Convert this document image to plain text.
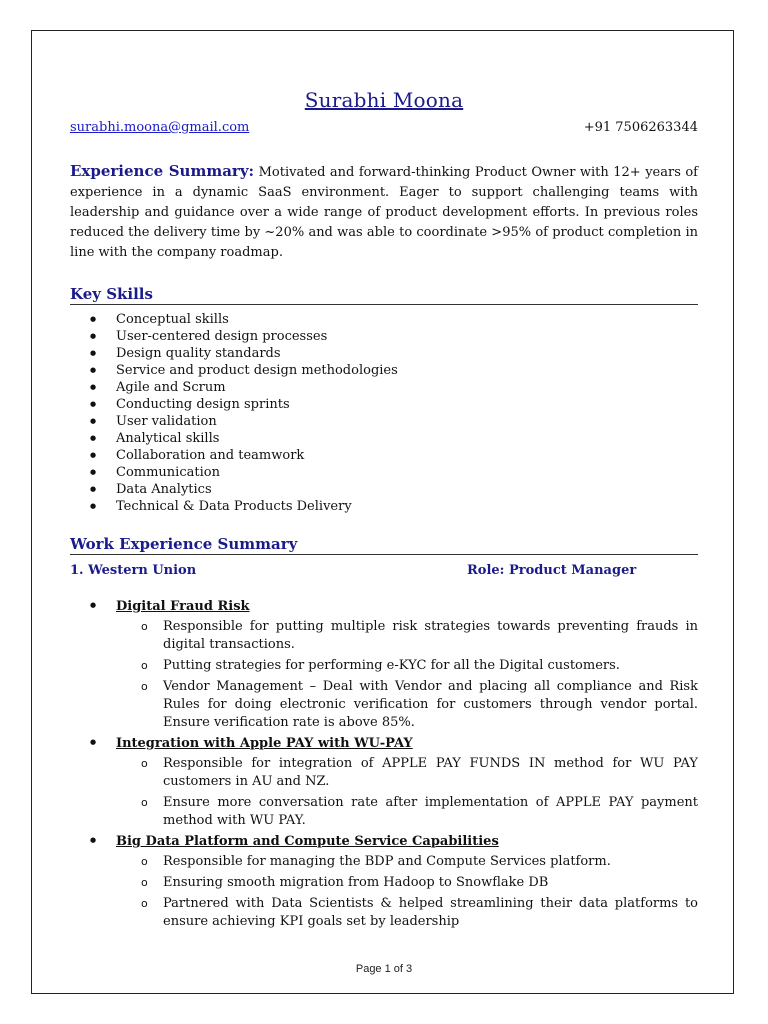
Surabhi Moona
surabhi.moona@gmail.com	+91 7506263344
Experience Summary: Motivated and forward-thinking Product Owner with 12+ years of experience in a dynamic SaaS environment. Eager to support challenging teams with leadership and guidance over a wide range of product development efforts. In previous roles reduced the delivery time by ~20% and was able to coordinate >95% of product completion in line with the company roadmap.
Key Skills
● Conceptual skills
● User-centered design processes
● Design quality standards
● Service and product design methodologies
● Agile and Scrum
● Conducting design sprints
● User validation
● Analytical skills
● Collaboration and teamwork
● Communication
● Data Analytics
● Technical & Data Products Delivery
Work Experience Summary
1. Western Union	Role: Product Manager
● Digital Fraud Risk
o Responsible for putting multiple risk strategies towards preventing frauds in digital transactions.
o Putting strategies for performing e-KYC for all the Digital customers.
o Vendor Management – Deal with Vendor and placing all compliance and Risk Rules for doing electronic verification for customers through vendor portal. Ensure verification rate is above 85%.
● Integration with Apple PAY with WU-PAY
o Responsible for integration of APPLE PAY FUNDS IN method for WU PAY customers in AU and NZ.
o Ensure more conversation rate after implementation of APPLE PAY payment method with WU PAY.
● Big Data Platform and Compute Service Capabilities
o Responsible for managing the BDP and Compute Services platform.
o Ensuring smooth migration from Hadoop to Snowflake DB
o Partnered with Data Scientists & helped streamlining their data platforms to ensure achieving KPI goals set by leadership
Page 1 of 3
